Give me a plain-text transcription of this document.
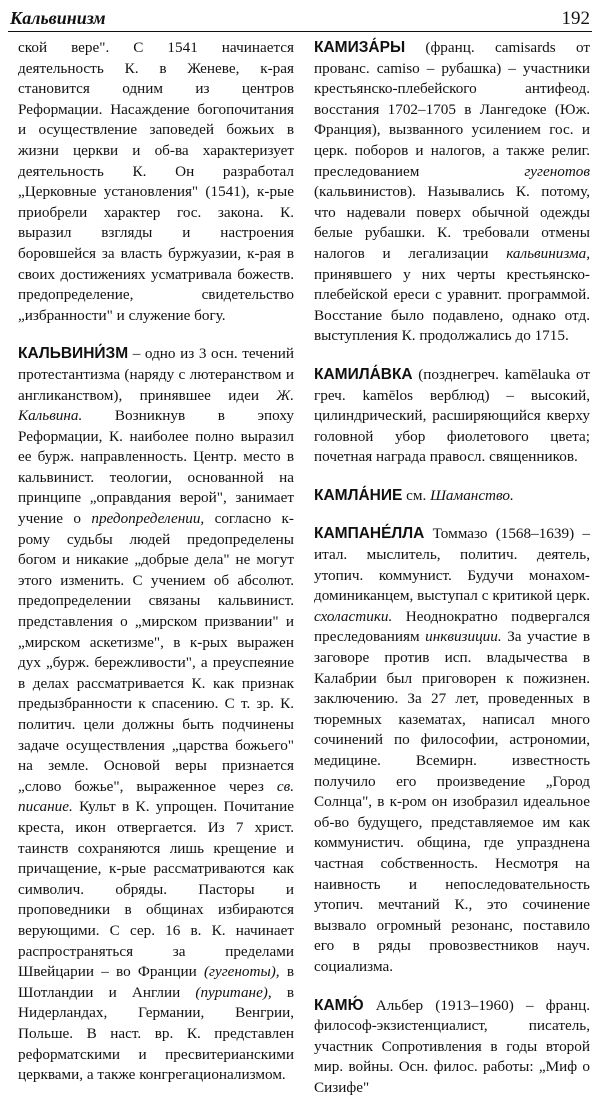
Кальвинизм	192

ской вере". С 1541 начинается деятельность К. в Женеве, к-рая становится одним из центров Реформации. Насаждение богопочитания и осуществление заповедей божьих в жизни церкви и об-ва характеризует деятельность К. Он разработал „Церковные установления" (1541), к-рые приобрели характер гос. закона. К. выразил взгляды и настроения боровшейся за власть буржуазии, к-рая в своих достижениях усматривала божеств. предопределение, свидетельство „избранности" и служение богу.

КАЛЬВИНИ́ЗМ – одно из 3 осн. течений протестантизма (наряду с лютеранством и англиканством), принявшее идеи Ж. Кальвина. Возникнув в эпоху Реформации, К. наиболее полно выразил ее бурж. направленность. Центр. место в кальвинист. теологии, основанной на принципе „оправдания верой", занимает учение о предопределении, согласно к-рому судьбы людей предопределены богом и никакие „добрые дела" не могут этого изменить. С учением об абсолют. предопределении связаны кальвинист. представления о „мирском призвании" и „мирском аскетизме", в к-рых выражен дух „бурж. бережливости", а преуспеяние в делах рассматривается К. как признак предызбранности к спасению. С т. зр. К. политич. цели должны быть подчинены задаче осуществления „царства божьего" на земле. Основой веры признается „слово божье", выраженное через св. писание. Культ в К. упрощен. Почитание креста, икон отвергается. Из 7 христ. таинств сохраняются лишь крещение и причащение, к-рые рассматриваются как символич. обряды. Пасторы и проповедники в общинах избираются верующими. С сер. 16 в. К. начинает распространяться за пределами Швейцарии – во Франции (гугеноты), в Шотландии и Англии (пуритане), в Нидерландах, Германии, Венгрии, Польше. В наст. вр. К. представлен реформатскими и пресвитерианскими церквами, а также конгрегационализмом.

КАМИЗА́РЫ (франц. camisards от прованс. camiso – рубашка) – участники крестьянско-плебейского антифеод. восстания 1702–1705 в Лангедоке (Юж. Франция), вызванного усилением гос. и церк. поборов и налогов, а также религ. преследованием гугенотов (кальвинистов). Назывались К. потому, что надевали поверх обычной одежды белые рубашки. К. требовали отмены налогов и легализации кальвинизма, принявшего у них черты крестьянско-плебейской ереси с уравнит. программой. Восстание было подавлено, однако отд. выступления К. продолжались до 1715.

КАМИЛА́ВКА (позднегреч. kamēlauka от греч. kamēlos верблюд) – высокий, цилиндрический, расширяющийся кверху головной убор фиолетового цвета; почетная награда правосл. священников.

КАМЛА́НИЕ см. Шаманство.

КАМПАНЕ́ЛЛА Томмазо (1568–1639) – итал. мыслитель, политич. деятель, утопич. коммунист. Будучи монахом-доминиканцем, выступал с критикой церк. схоластики. Неоднократно подвергался преследованиям инквизиции. За участие в заговоре против исп. владычества в Калабрии был приговорен к пожизнен. заключению. За 27 лет, проведенных в тюремных казематах, написал много сочинений по философии, астрономии, медицине. Всемирн. известность получило его произведение „Город Солнца", в к-ром он изобразил идеальное об-во будущего, представляемое им как коммунистич. община, где упразднена частная собственность. Несмотря на наивность и непоследовательность утопич. мечтаний К., это сочинение вызвало огромный резонанс, поставило его в ряды провозвестников науч. социализма.

КАМЮ́ Альбер (1913–1960) – франц. философ-экзистенциалист, писатель, участник Сопротивления в годы второй мир. войны. Осн. филос. работы: „Миф о Сизифе"
